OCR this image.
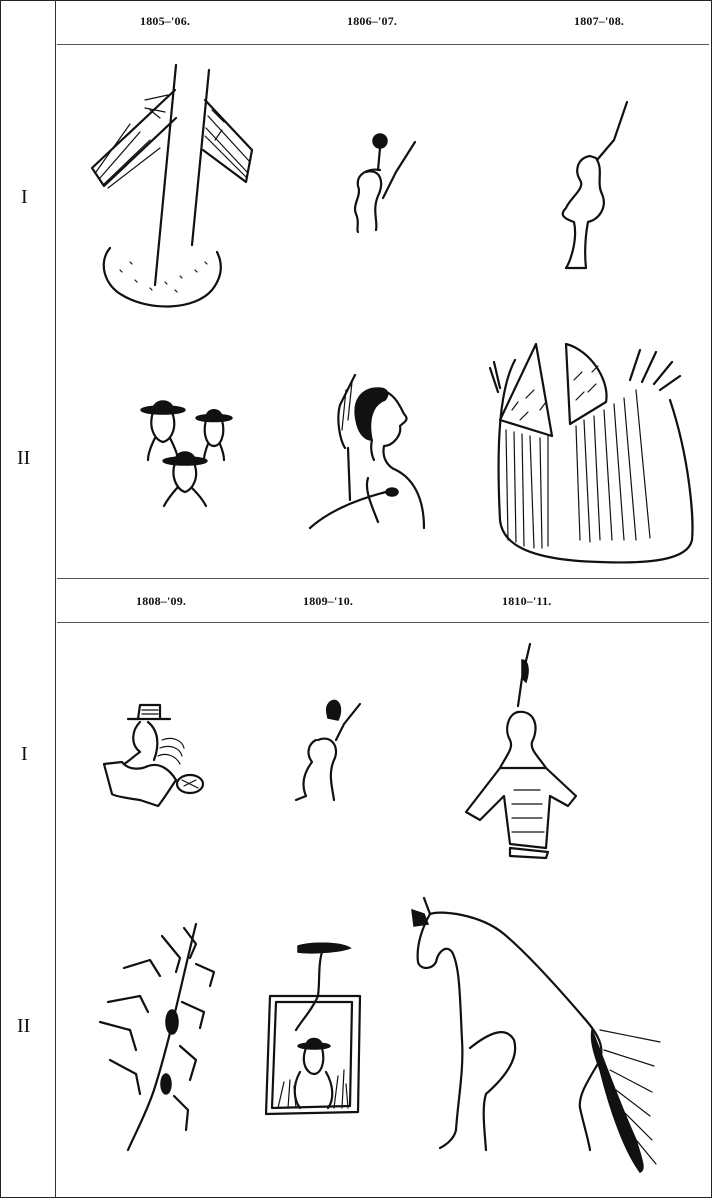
1805–'06.	1806–'07.	1807–'08.
I
II
1808–'09.	1809–'10.	1810–'11.
I
II
